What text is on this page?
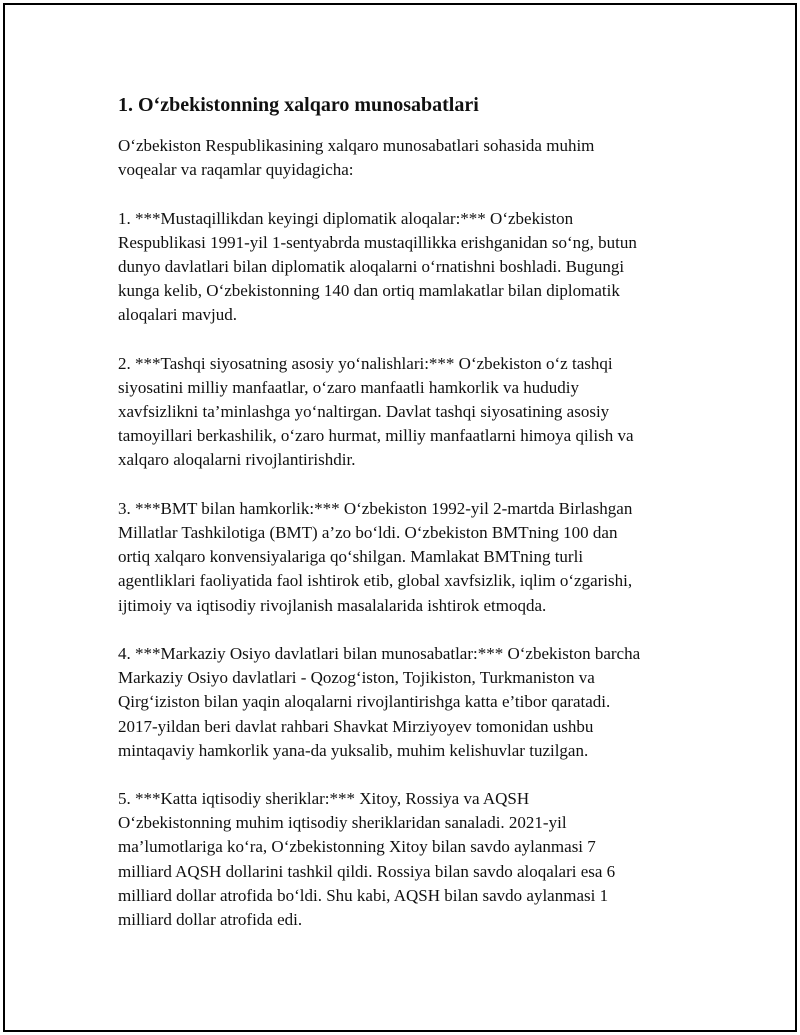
1. O‘zbekistonning xalqaro munosabatlari
O‘zbekiston Respublikasining xalqaro munosabatlari sohasida muhim
voqealar va raqamlar quyidagicha:
1. ***Mustaqillikdan keyingi diplomatik aloqalar:*** O‘zbekiston
Respublikasi 1991-yil 1-sentyabrda mustaqillikka erishganidan so‘ng, butun
dunyo davlatlari bilan diplomatik aloqalarni o‘rnatishni boshladi. Bugungi
kunga kelib, O‘zbekistonning 140 dan ortiq mamlakatlar bilan diplomatik
aloqalari mavjud.
2. ***Tashqi siyosatning asosiy yo‘nalishlari:*** O‘zbekiston o‘z tashqi
siyosatini milliy manfaatlar, o‘zaro manfaatli hamkorlik va hududiy
xavfsizlikni ta’minlashga yo‘naltirgan. Davlat tashqi siyosatining asosiy
tamoyillari berkashilik, o‘zaro hurmat, milliy manfaatlarni himoya qilish va
xalqaro aloqalarni rivojlantirishdir.
3. ***BMT bilan hamkorlik:*** O‘zbekiston 1992-yil 2-martda Birlashgan
Millatlar Tashkilotiga (BMT) a’zo bo‘ldi. O‘zbekiston BMTning 100 dan
ortiq xalqaro konvensiyalariga qo‘shilgan. Mamlakat BMTning turli
agentliklari faoliyatida faol ishtirok etib, global xavfsizlik, iqlim o‘zgarishi,
ijtimoiy va iqtisodiy rivojlanish masalalarida ishtirok etmoqda.
4. ***Markaziy Osiyo davlatlari bilan munosabatlar:*** O‘zbekiston barcha
Markaziy Osiyo davlatlari - Qozog‘iston, Tojikiston, Turkmaniston va
Qirg‘iziston bilan yaqin aloqalarni rivojlantirishga katta e’tibor qaratadi.
2017-yildan beri davlat rahbari Shavkat Mirziyoyev tomonidan ushbu
mintaqaviy hamkorlik yana-da yuksalib, muhim kelishuvlar tuzilgan.
5. ***Katta iqtisodiy sheriklar:*** Xitoy, Rossiya va AQSH
O‘zbekistonning muhim iqtisodiy sheriklaridan sanaladi. 2021-yil
ma’lumotlariga ko‘ra, O‘zbekistonning Xitoy bilan savdo aylanmasi 7
milliard AQSH dollarini tashkil qildi. Rossiya bilan savdo aloqalari esa 6
milliard dollar atrofida bo‘ldi. Shu kabi, AQSH bilan savdo aylanmasi 1
milliard dollar atrofida edi.
